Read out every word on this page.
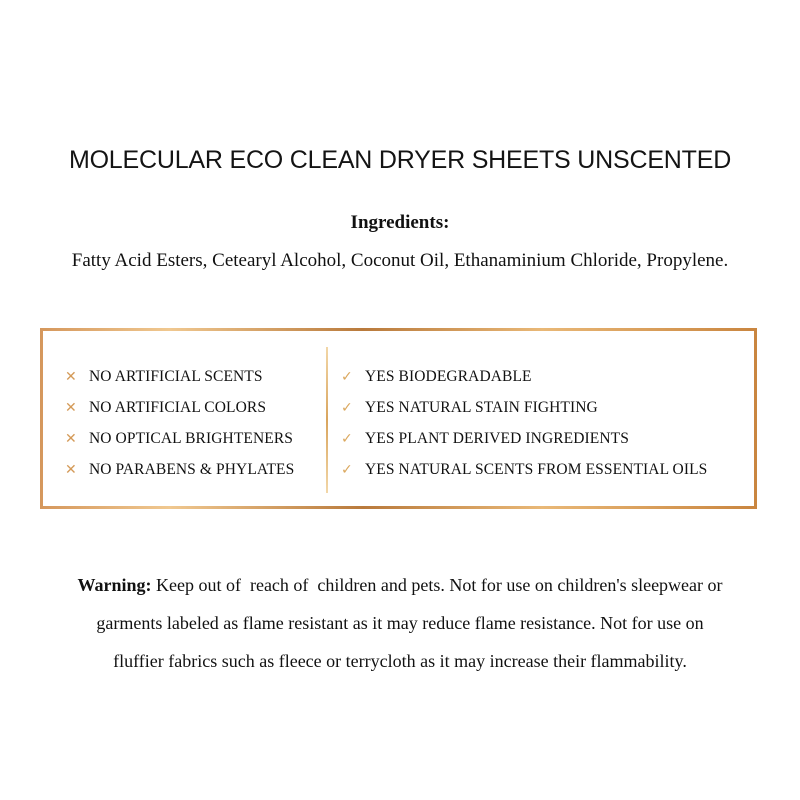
MOLECULAR ECO CLEAN DRYER SHEETS UNSCENTED
Ingredients:
Fatty Acid Esters, Cetearyl Alcohol, Coconut Oil, Ethanaminium Chloride, Propylene.
✕ NO ARTIFICIAL SCENTS
✕ NO ARTIFICIAL COLORS
✕ NO OPTICAL BRIGHTENERS
✕ NO PARABENS & PHYLATES
✓ YES BIODEGRADABLE
✓ YES NATURAL STAIN FIGHTING
✓ YES PLANT DERIVED INGREDIENTS
✓ YES NATURAL SCENTS FROM ESSENTIAL OILS
Warning: Keep out of  reach of  children and pets. Not for use on children's sleepwear or
garments labeled as flame resistant as it may reduce flame resistance. Not for use on
fluffier fabrics such as fleece or terrycloth as it may increase their flammability.
